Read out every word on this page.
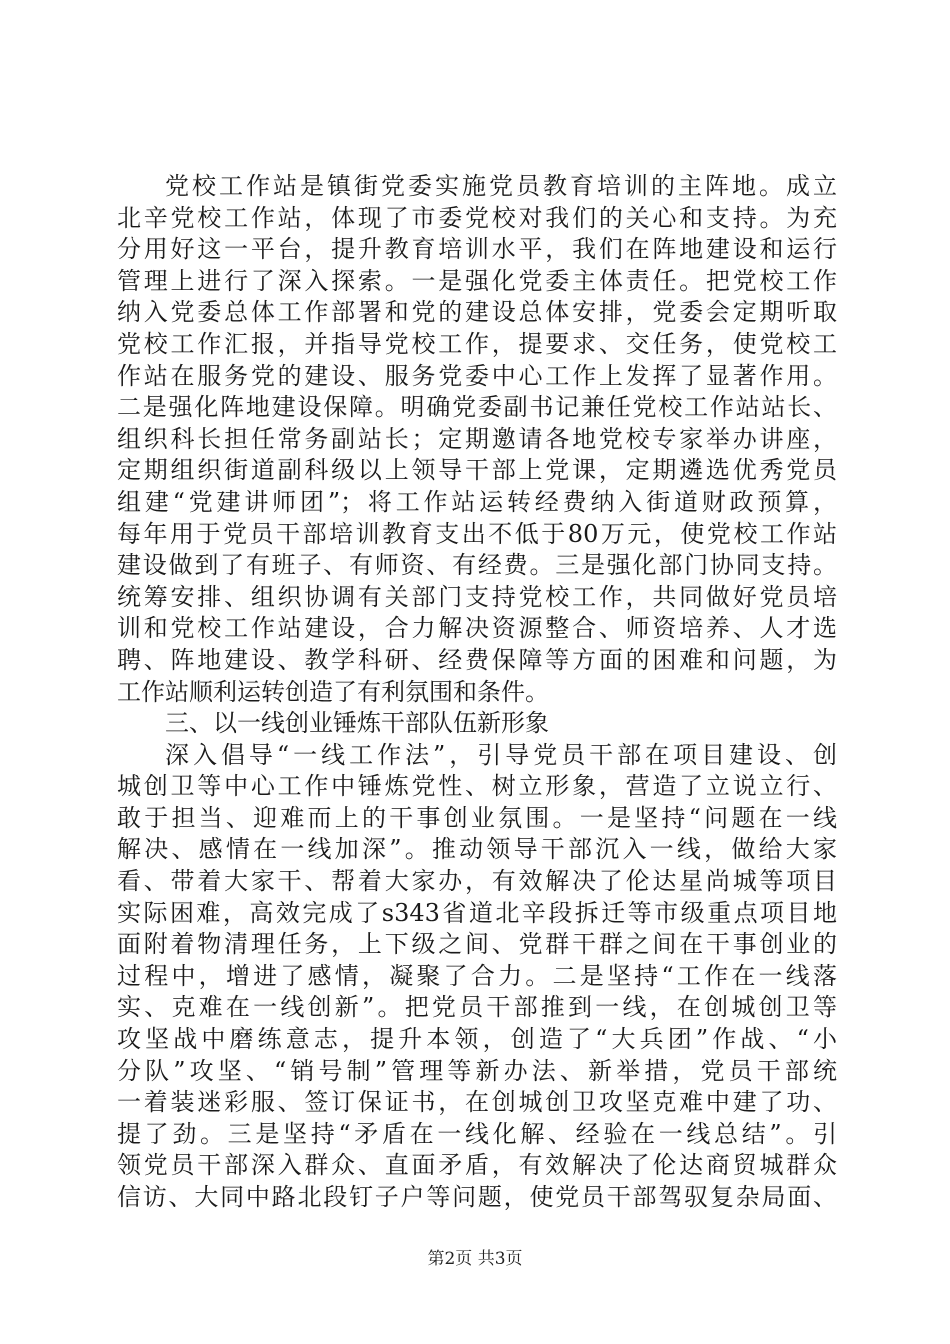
党校工作站是镇街党委实施党员教育培训的主阵地。成立
北辛党校工作站，体现了市委党校对我们的关心和支持。为充
分用好这一平台，提升教育培训水平，我们在阵地建设和运行
管理上进行了深入探索。一是强化党委主体责任。把党校工作
纳入党委总体工作部署和党的建设总体安排，党委会定期听取
党校工作汇报，并指导党校工作，提要求、交任务，使党校工
作站在服务党的建设、服务党委中心工作上发挥了显著作用。
二是强化阵地建设保障。明确党委副书记兼任党校工作站站长、
组织科长担任常务副站长；定期邀请各地党校专家举办讲座，
定期组织街道副科级以上领导干部上党课，定期遴选优秀党员
组建“党建讲师团”；将工作站运转经费纳入街道财政预算，
每年用于党员干部培训教育支出不低于80万元，使党校工作站
建设做到了有班子、有师资、有经费。三是强化部门协同支持。
统筹安排、组织协调有关部门支持党校工作，共同做好党员培
训和党校工作站建设，合力解决资源整合、师资培养、人才选
聘、阵地建设、教学科研、经费保障等方面的困难和问题，为
工作站顺利运转创造了有利氛围和条件。
三、以一线创业锤炼干部队伍新形象
深入倡导“一线工作法”，引导党员干部在项目建设、创
城创卫等中心工作中锤炼党性、树立形象，营造了立说立行、
敢于担当、迎难而上的干事创业氛围。一是坚持“问题在一线
解决、感情在一线加深”。推动领导干部沉入一线，做给大家
看、带着大家干、帮着大家办，有效解决了伦达星尚城等项目
实际困难，高效完成了s343省道北辛段拆迁等市级重点项目地
面附着物清理任务，上下级之间、党群干群之间在干事创业的
过程中，增进了感情，凝聚了合力。二是坚持“工作在一线落
实、克难在一线创新”。把党员干部推到一线，在创城创卫等
攻坚战中磨练意志，提升本领，创造了“大兵团”作战、“小
分队”攻坚、“销号制”管理等新办法、新举措，党员干部统
一着装迷彩服、签订保证书，在创城创卫攻坚克难中建了功、
提了劲。三是坚持“矛盾在一线化解、经验在一线总结”。引
领党员干部深入群众、直面矛盾，有效解决了伦达商贸城群众
信访、大同中路北段钉子户等问题，使党员干部驾驭复杂局面、
第2页 共3页
